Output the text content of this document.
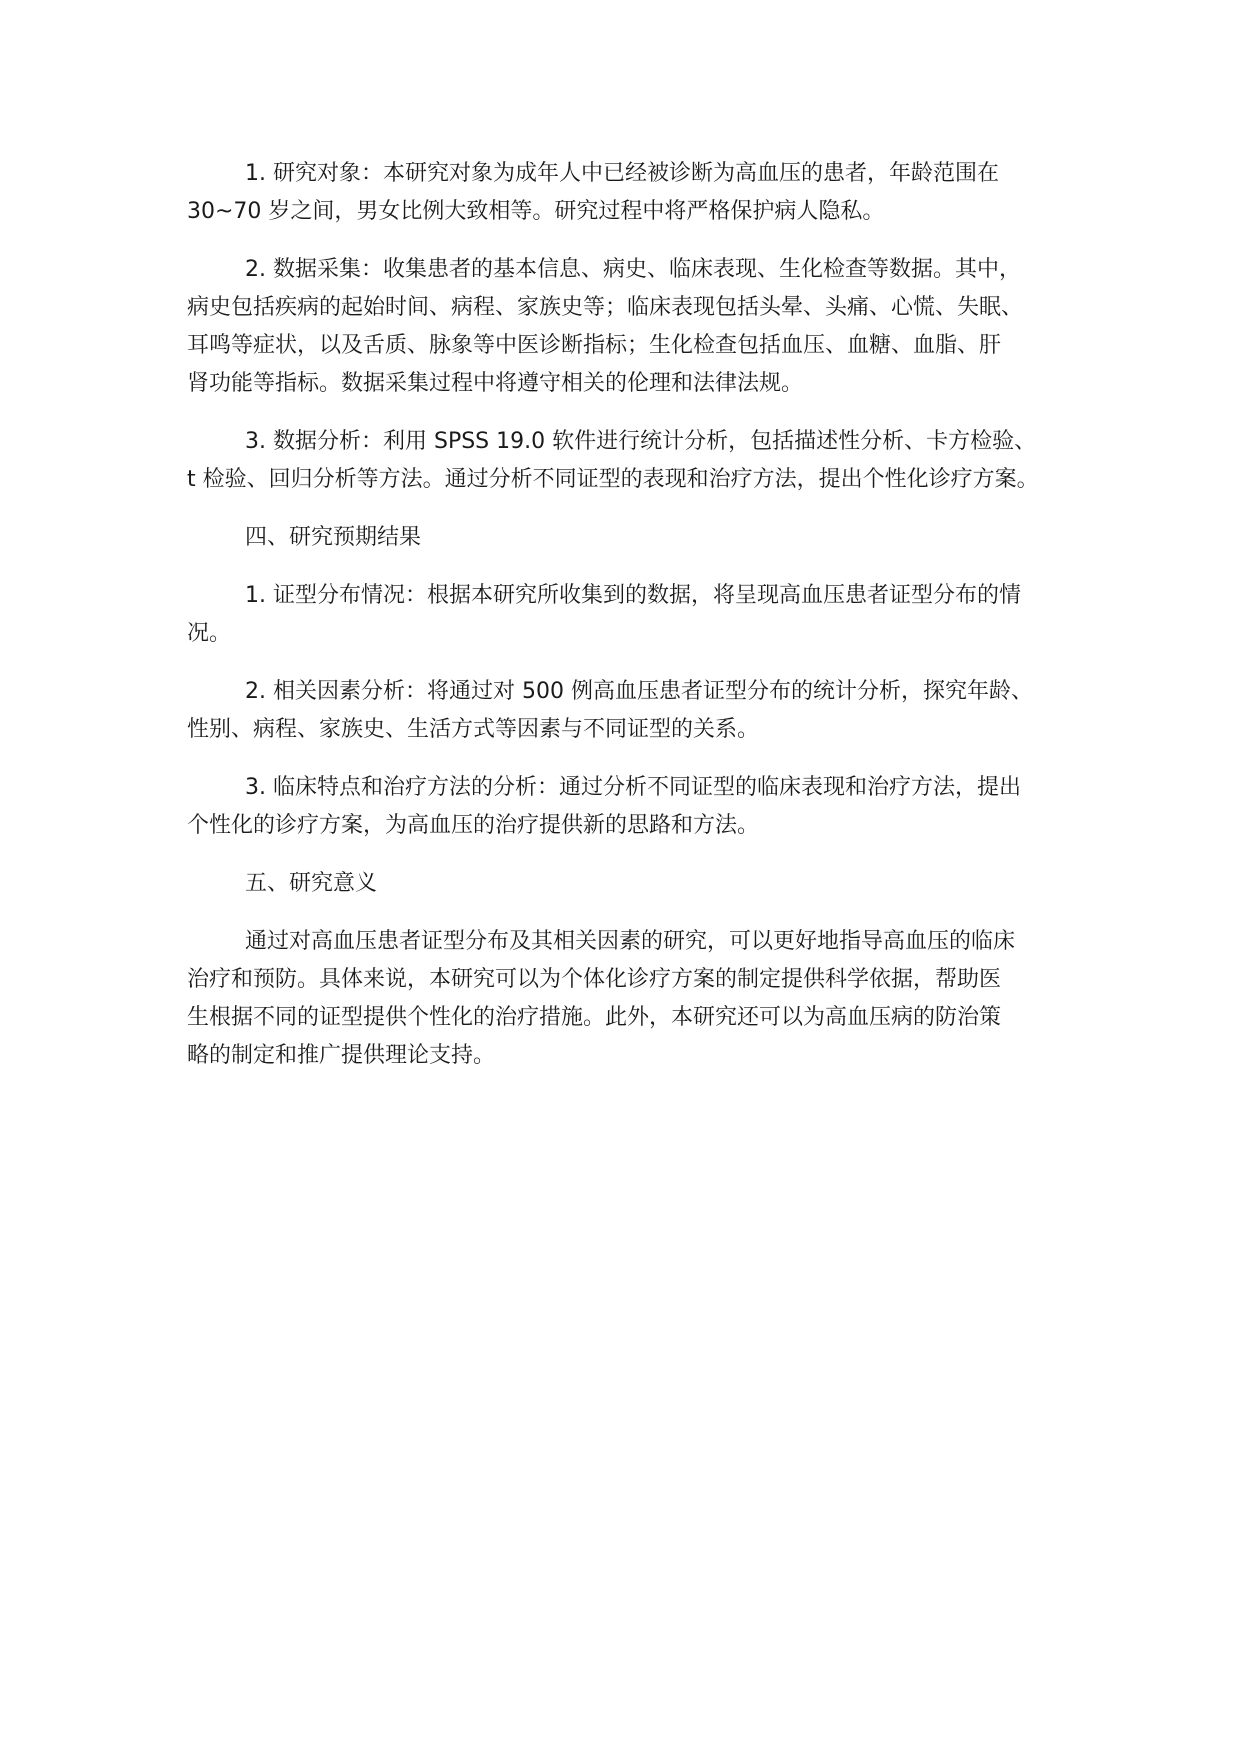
1. 研究对象：本研究对象为成年人中已经被诊断为高血压的患者，年龄范围在
30~70 岁之间，男女比例大致相等。研究过程中将严格保护病人隐私。

2. 数据采集：收集患者的基本信息、病史、临床表现、生化检查等数据。其中，
病史包括疾病的起始时间、病程、家族史等；临床表现包括头晕、头痛、心慌、失眠、
耳鸣等症状，以及舌质、脉象等中医诊断指标；生化检查包括血压、血糖、血脂、肝
肾功能等指标。数据采集过程中将遵守相关的伦理和法律法规。

3. 数据分析：利用 SPSS 19.0 软件进行统计分析，包括描述性分析、卡方检验、
t 检验、回归分析等方法。通过分析不同证型的表现和治疗方法，提出个性化诊疗方案。

四、研究预期结果

1. 证型分布情况：根据本研究所收集到的数据，将呈现高血压患者证型分布的情
况。

2. 相关因素分析：将通过对 500 例高血压患者证型分布的统计分析，探究年龄、
性别、病程、家族史、生活方式等因素与不同证型的关系。

3. 临床特点和治疗方法的分析：通过分析不同证型的临床表现和治疗方法，提出
个性化的诊疗方案，为高血压的治疗提供新的思路和方法。

五、研究意义

通过对高血压患者证型分布及其相关因素的研究，可以更好地指导高血压的临床
治疗和预防。具体来说，本研究可以为个体化诊疗方案的制定提供科学依据，帮助医
生根据不同的证型提供个性化的治疗措施。此外，本研究还可以为高血压病的防治策
略的制定和推广提供理论支持。
